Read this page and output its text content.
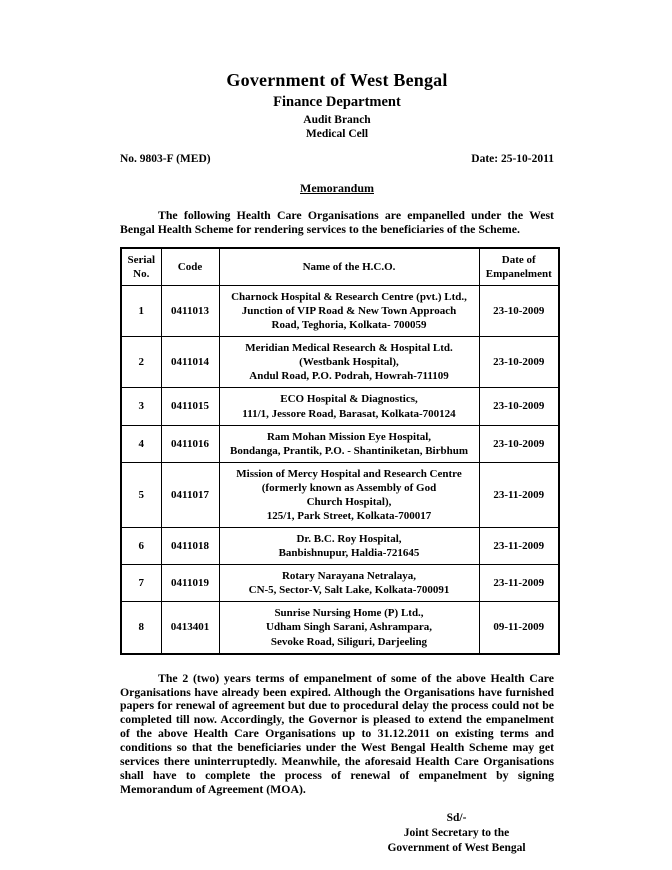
Government of West Bengal
Finance Department
Audit Branch
Medical Cell
No. 9803-F (MED)	Date: 25-10-2011
Memorandum

The following Health Care Organisations are empanelled under the West Bengal Health Scheme for rendering services to the beneficiaries of the Scheme.

Serial No.	Code	Name of the H.C.O.	Date of Empanelment
1	0411013	Charnock Hospital & Research Centre (pvt.) Ltd.,
Junction of VIP Road & New Town Approach
Road, Teghoria, Kolkata- 700059	23-10-2009
2	0411014	Meridian Medical Research & Hospital Ltd.
(Westbank Hospital),
Andul Road, P.O. Podrah, Howrah-711109	23-10-2009
3	0411015	ECO Hospital & Diagnostics,
111/1, Jessore Road, Barasat, Kolkata-700124	23-10-2009
4	0411016	Ram Mohan Mission Eye Hospital,
Bondanga, Prantik, P.O. - Shantiniketan, Birbhum	23-10-2009
5	0411017	Mission of Mercy Hospital and Research Centre
(formerly known as Assembly of God
Church Hospital),
125/1, Park Street, Kolkata-700017	23-11-2009
6	0411018	Dr. B.C. Roy Hospital,
Banbishnupur, Haldia-721645	23-11-2009
7	0411019	Rotary Narayana Netralaya,
CN-5, Sector-V, Salt Lake, Kolkata-700091	23-11-2009
8	0413401	Sunrise Nursing Home (P) Ltd.,
Udham Singh Sarani, Ashrampara,
Sevoke Road, Siliguri, Darjeeling	09-11-2009

The 2 (two) years terms of empanelment of some of the above Health Care Organisations have already been expired. Although the Organisations have furnished papers for renewal of agreement but due to procedural delay the process could not be completed till now. Accordingly, the Governor is pleased to extend the empanelment of the above Health Care Organisations up to 31.12.2011 on existing terms and conditions so that the beneficiaries under the West Bengal Health Scheme may get services there uninterruptedly. Meanwhile, the aforesaid Health Care Organisations shall have to complete the process of renewal of empanelment by signing Memorandum of Agreement (MOA).

Sd/-
Joint Secretary to the
Government of West Bengal
